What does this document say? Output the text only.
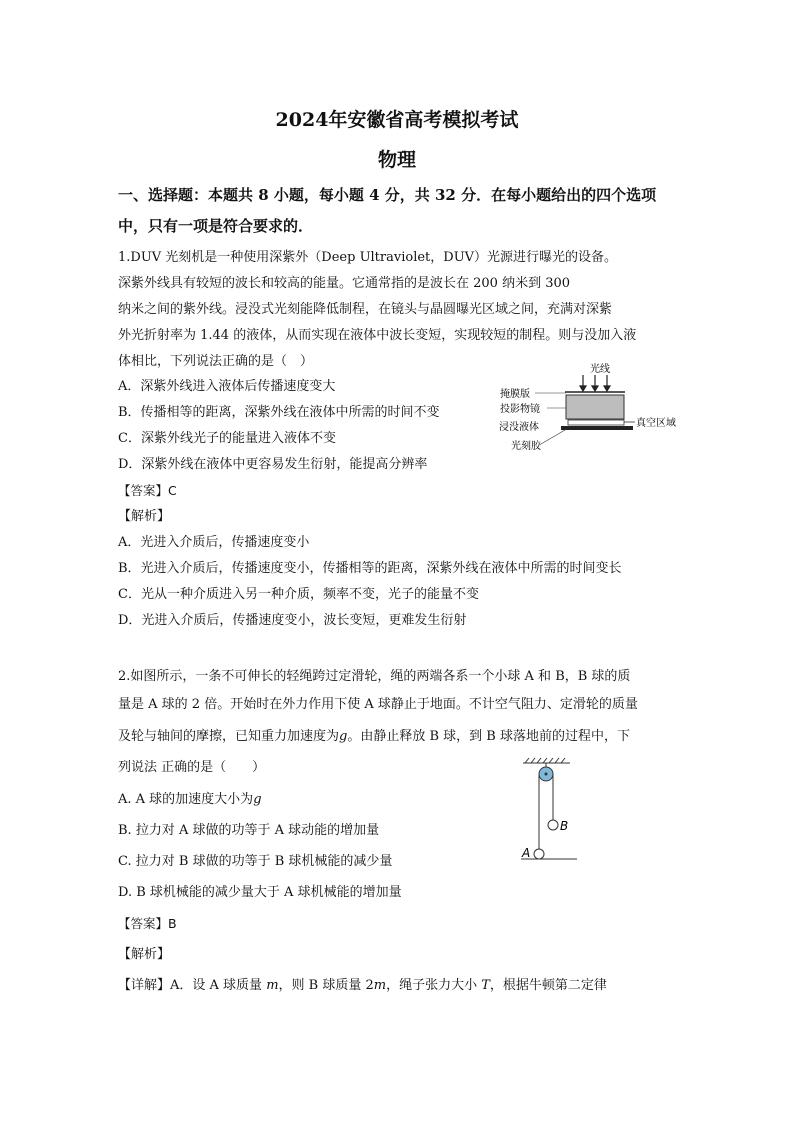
2024年安徽省高考模拟考试
物理
一、选择题：本题共 8 小题，每小题 4 分，共 32 分．在每小题给出的四个选项
中，只有一项是符合要求的．
1.DUV 光刻机是一种使用深紫外（Deep Ultraviolet，DUV）光源进行曝光的设备。
深紫外线具有较短的波长和较高的能量。它通常指的是波长在 200 纳米到 300
纳米之间的紫外线。浸没式光刻能降低制程，在镜头与晶圆曝光区域之间，充满对深紫
外光折射率为 1.44 的液体，从而实现在液体中波长变短，实现较短的制程。则与没加入液
体相比，下列说法正确的是（　）
A．深紫外线进入液体后传播速度变大
B．传播相等的距离，深紫外线在液体中所需的时间不变
C．深紫外线光子的能量进入液体不变
D．深紫外线在液体中更容易发生衍射，能提高分辨率
光线
掩膜版
投影物镜
浸没液体
光刻胶
真空区域
【答案】C
【解析】
A．光进入介质后，传播速度变小
B．光进入介质后，传播速度变小，传播相等的距离，深紫外线在液体中所需的时间变长
C．光从一种介质进入另一种介质，频率不变，光子的能量不变
D．光进入介质后，传播速度变小，波长变短，更难发生衍射
2.如图所示，一条不可伸长的轻绳跨过定滑轮，绳的两端各系一个小球 A 和 B，B 球的质
量是 A 球的 2 倍。开始时在外力作用下使 A 球静止于地面。不计空气阻力、定滑轮的质量
及轮与轴间的摩擦，已知重力加速度为g。由静止释放 B 球，到 B 球落地前的过程中，下
列说法 正确的是（　　）
A. A 球的加速度大小为g
B. 拉力对 A 球做的功等于 A 球动能的增加量
C. 拉力对 B 球做的功等于 B 球机械能的减少量
D. B 球机械能的减少量大于 A 球机械能的增加量
B
A
【答案】B
【解析】
【详解】A．设 A 球质量 m，则 B 球质量 2m，绳子张力大小 T，根据牛顿第二定律
